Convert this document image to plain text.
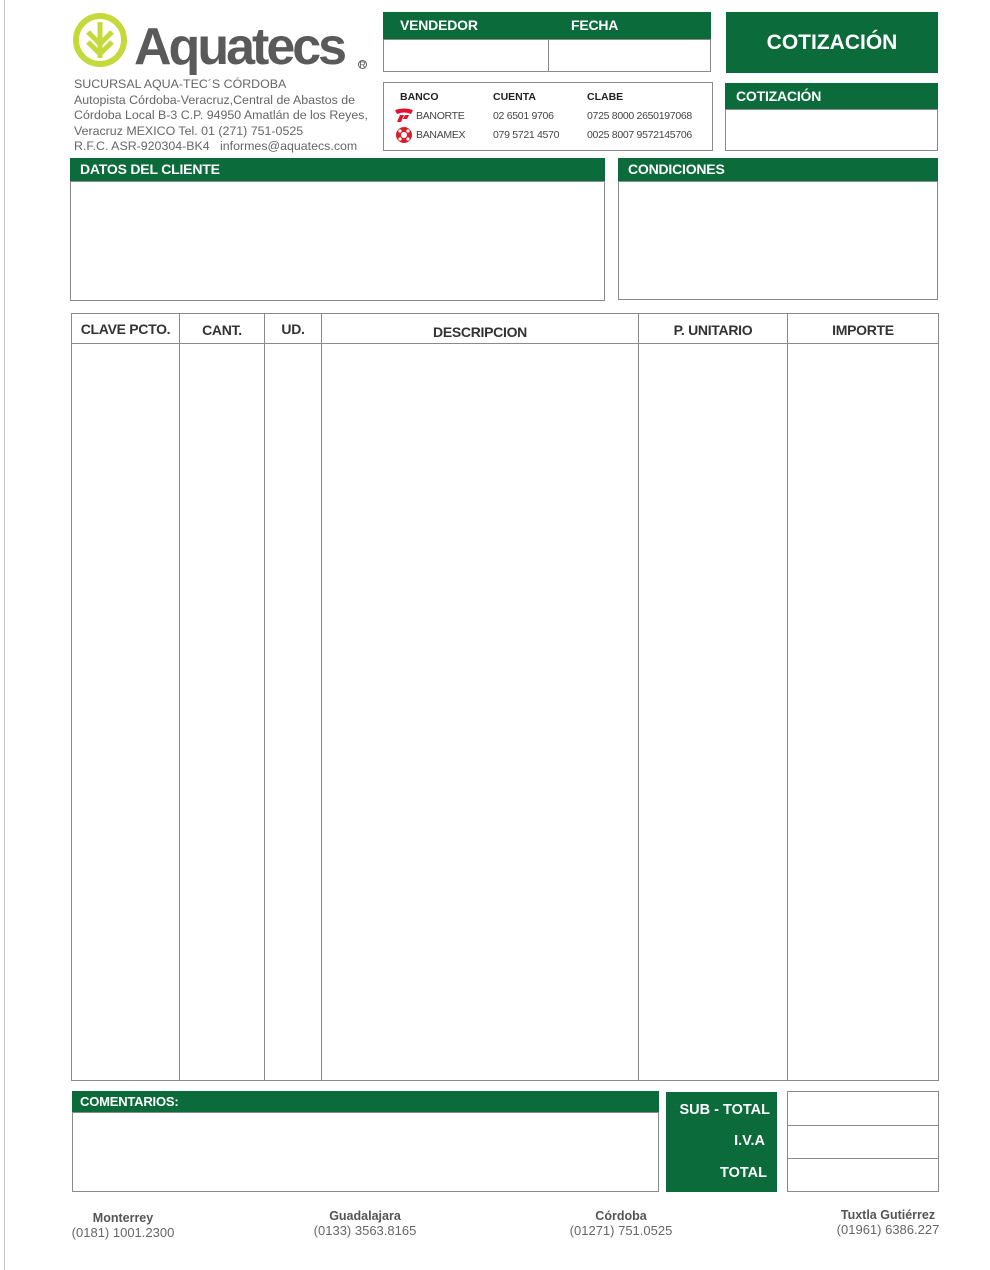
Aquatecs R
SUCURSAL AQUA-TEC´S CÓRDOBA
Autopista Córdoba-Veracruz,Central de Abastos de
Córdoba Local B-3 C.P. 94950 Amatlán de los Reyes,
Veracruz MEXICO Tel. 01 (271) 751-0525
R.F.C. ASR-920304-BK4 informes@aquatecs.com
VENDEDOR	FECHA
COTIZACIÓN
BANCO	CUENTA	CLABE
BANORTE	02 6501 9706	0725 8000 2650197068
BANAMEX	079 5721 4570	0025 8007 9572145706
COTIZACIÓN
DATOS DEL CLIENTE	CONDICIONES
CLAVE PCTO.	CANT.	UD.	DESCRIPCION	P. UNITARIO	IMPORTE
COMENTARIOS:
SUB - TOTAL
I.V.A
TOTAL
Monterrey
(0181) 1001.2300
Guadalajara
(0133) 3563.8165
Córdoba
(01271) 751.0525
Tuxtla Gutiérrez
(01961) 6386.227
